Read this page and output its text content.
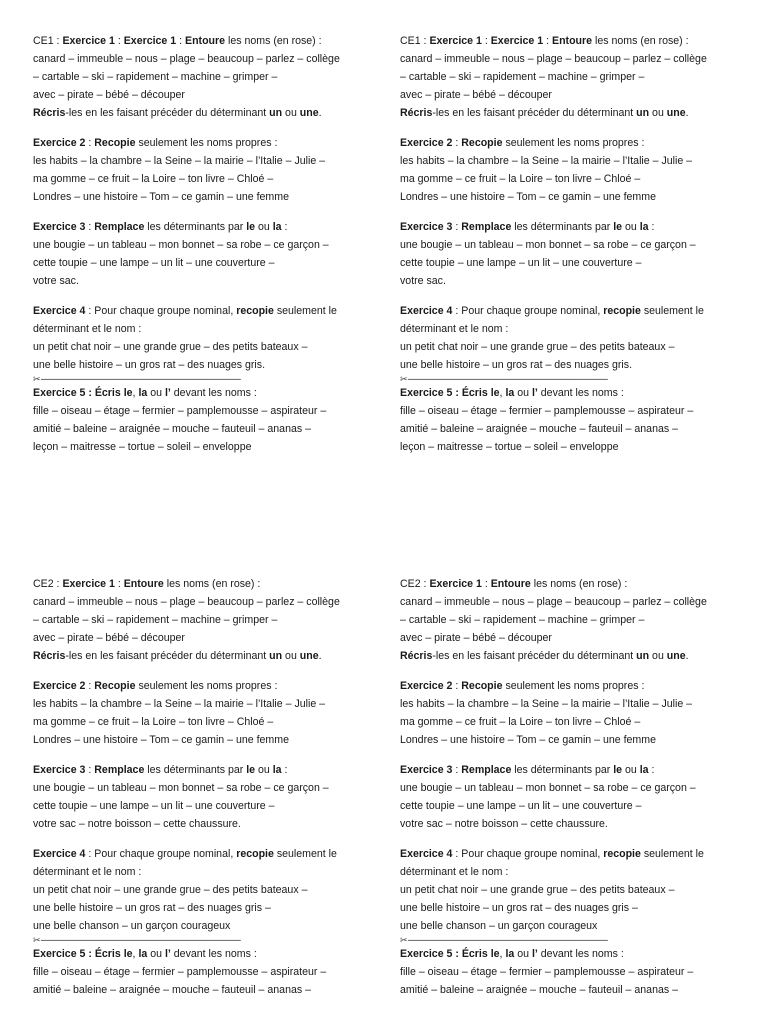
CE1 : Exercice 1 : Exercice 1 : Entoure les noms (en rose) :
canard – immeuble – nous – plage – beaucoup – parlez – collège
– cartable – ski – rapidement – machine – grimper –
avec – pirate – bébé – découper
Récris-les en les faisant précéder du déterminant un ou une.
Exercice 2 : Recopie seulement les noms propres :
les habits – la chambre – la Seine – la mairie – l’Italie – Julie –
ma gomme – ce fruit – la Loire – ton livre – Chloé –
Londres – une histoire – Tom – ce gamin – une femme
Exercice 3 : Remplace les déterminants par le ou la :
une bougie – un tableau – mon bonnet – sa robe – ce garçon –
cette toupie – une lampe – un lit – une couverture –
votre sac.
Exercice 4 : Pour chaque groupe nominal, recopie seulement le
déterminant et le nom :
un petit chat noir – une grande grue – des petits bateaux –
une belle histoire – un gros rat – des nuages gris.
✂----------------------------------------------------------------------------------------------------
Exercice 5 : Écris le, la ou l’ devant les noms :
fille – oiseau – étage – fermier – pamplemousse – aspirateur –
amitié – baleine – araignée – mouche – fauteuil – ananas –
leçon – maitresse – tortue – soleil – enveloppe
CE1 : Exercice 1 : Exercice 1 : Entoure les noms (en rose) :
canard – immeuble – nous – plage – beaucoup – parlez – collège
– cartable – ski – rapidement – machine – grimper –
avec – pirate – bébé – découper
Récris-les en les faisant précéder du déterminant un ou une.
Exercice 2 : Recopie seulement les noms propres :
les habits – la chambre – la Seine – la mairie – l’Italie – Julie –
ma gomme – ce fruit – la Loire – ton livre – Chloé –
Londres – une histoire – Tom – ce gamin – une femme
Exercice 3 : Remplace les déterminants par le ou la :
une bougie – un tableau – mon bonnet – sa robe – ce garçon –
cette toupie – une lampe – un lit – une couverture –
votre sac.
Exercice 4 : Pour chaque groupe nominal, recopie seulement le
déterminant et le nom :
un petit chat noir – une grande grue – des petits bateaux –
une belle histoire – un gros rat – des nuages gris.
✂----------------------------------------------------------------------------------------------------
Exercice 5 : Écris le, la ou l’ devant les noms :
fille – oiseau – étage – fermier – pamplemousse – aspirateur –
amitié – baleine – araignée – mouche – fauteuil – ananas –
leçon – maitresse – tortue – soleil – enveloppe
CE2 : Exercice 1 : Entoure les noms (en rose) :
canard – immeuble – nous – plage – beaucoup – parlez – collège
– cartable – ski – rapidement – machine – grimper –
avec – pirate – bébé – découper
Récris-les en les faisant précéder du déterminant un ou une.
Exercice 2 : Recopie seulement les noms propres :
les habits – la chambre – la Seine – la mairie – l’Italie – Julie –
ma gomme – ce fruit – la Loire – ton livre – Chloé –
Londres – une histoire – Tom – ce gamin – une femme
Exercice 3 : Remplace les déterminants par le ou la :
une bougie – un tableau – mon bonnet – sa robe – ce garçon –
cette toupie – une lampe – un lit – une couverture –
votre sac – notre boisson – cette chaussure.
Exercice 4 : Pour chaque groupe nominal, recopie seulement le
déterminant et le nom :
un petit chat noir – une grande grue – des petits bateaux –
une belle histoire – un gros rat – des nuages gris –
une belle chanson – un garçon courageux
✂----------------------------------------------------------------------------------------------------
Exercice 5 : Écris le, la ou l’ devant les noms :
fille – oiseau – étage – fermier – pamplemousse – aspirateur –
amitié – baleine – araignée – mouche – fauteuil – ananas –
CE2 : Exercice 1 : Entoure les noms (en rose) :
canard – immeuble – nous – plage – beaucoup – parlez – collège
– cartable – ski – rapidement – machine – grimper –
avec – pirate – bébé – découper
Récris-les en les faisant précéder du déterminant un ou une.
Exercice 2 : Recopie seulement les noms propres :
les habits – la chambre – la Seine – la mairie – l’Italie – Julie –
ma gomme – ce fruit – la Loire – ton livre – Chloé –
Londres – une histoire – Tom – ce gamin – une femme
Exercice 3 : Remplace les déterminants par le ou la :
une bougie – un tableau – mon bonnet – sa robe – ce garçon –
cette toupie – une lampe – un lit – une couverture –
votre sac – notre boisson – cette chaussure.
Exercice 4 : Pour chaque groupe nominal, recopie seulement le
déterminant et le nom :
un petit chat noir – une grande grue – des petits bateaux –
une belle histoire – un gros rat – des nuages gris –
une belle chanson – un garçon courageux
✂----------------------------------------------------------------------------------------------------
Exercice 5 : Écris le, la ou l’ devant les noms :
fille – oiseau – étage – fermier – pamplemousse – aspirateur –
amitié – baleine – araignée – mouche – fauteuil – ananas –
